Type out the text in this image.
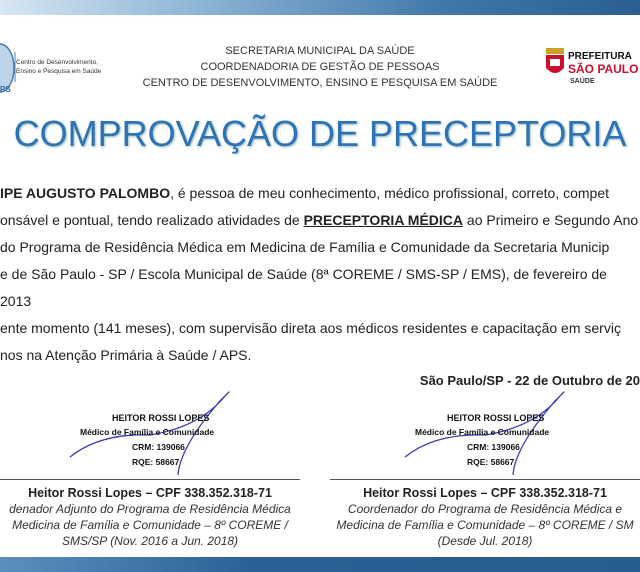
PS
Centro de Desenvolvimento,
Ensino e Pesquisa em Saúde
SECRETARIA MUNICIPAL DA SAÚDE
COORDENADORIA DE GESTÃO DE PESSOAS
CENTRO DE DESENVOLVIMENTO, ENSINO E PESQUISA EM SAÚDE
PREFEITURA
SÃO PAULO
SAÚDE
COMPROVAÇÃO DE PRECEPTORIA
IPE AUGUSTO PALOMBO, é pessoa de meu conhecimento, médico profissional, correto, compet
onsável e pontual, tendo realizado atividades de PRECEPTORIA MÉDICA ao Primeiro e Segundo Ano
do Programa de Residência Médica em Medicina de Família e Comunidade da Secretaria Municip
e de São Paulo - SP / Escola Municipal de Saúde (8ª COREME / SMS-SP / EMS), de fevereiro de 2013
ente momento (141 meses), com supervisão direta aos médicos residentes e capacitação em serviç
nos na Atenção Primária à Saúde / APS.
São Paulo/SP - 22 de Outubro de 20
HEITOR ROSSI LOPES
Médico de Família e Comunidade
CRM: 139066
RQE: 58667
Heitor Rossi Lopes – CPF 338.352.318-71
denador Adjunto do Programa de Residência Médica
Medicina de Família e Comunidade – 8º COREME /
SMS/SP (Nov. 2016 a Jun. 2018)
HEITOR ROSSI LOPES
Médico de Família e Comunidade
CRM: 139066
RQE: 58667
Heitor Rossi Lopes – CPF 338.352.318-71
Coordenador do Programa de Residência Médica e
Medicina de Família e Comunidade – 8º COREME / SM
(Desde Jul. 2018)
